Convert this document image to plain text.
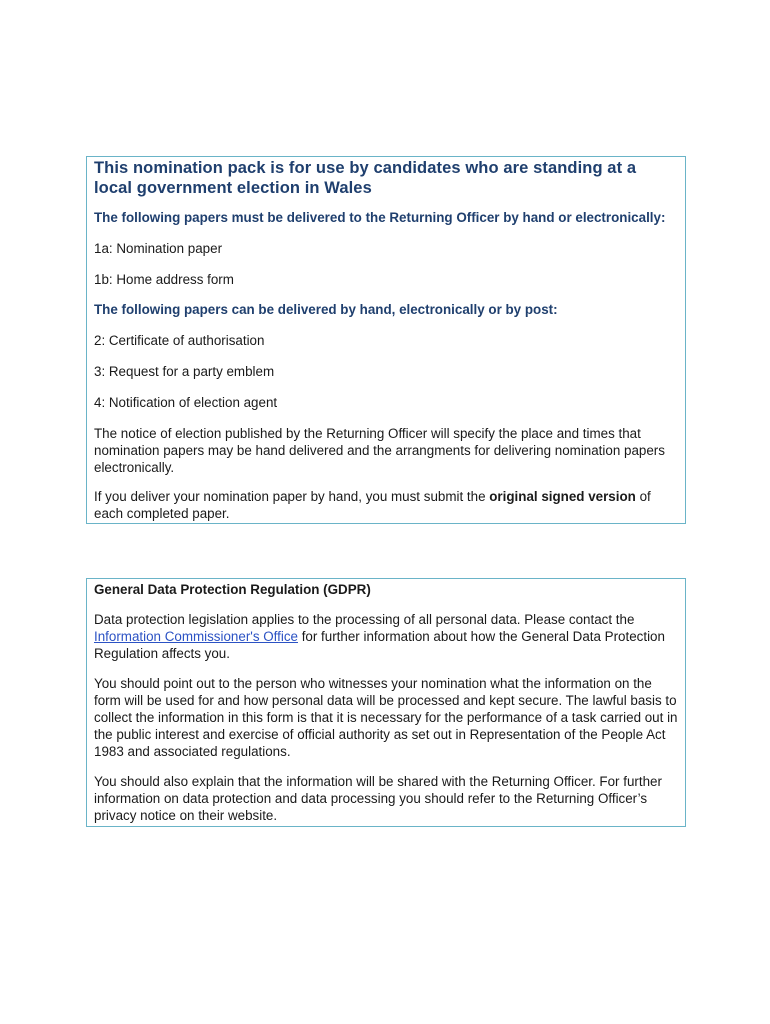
This nomination pack is for use by candidates who are standing at a local government election in Wales
The following papers must be delivered to the Returning Officer by hand or electronically:

1a: Nomination paper

1b: Home address form

The following papers can be delivered by hand, electronically or by post:

2: Certificate of authorisation

3: Request for a party emblem

4: Notification of election agent

The notice of election published by the Returning Officer will specify the place and times that nomination papers may be hand delivered and the arrangments for delivering nomination papers electronically.

If you deliver your nomination paper by hand, you must submit the original signed version of each completed paper.

General Data Protection Regulation (GDPR)

Data protection legislation applies to the processing of all personal data. Please contact the Information Commissioner's Office for further information about how the General Data Protection Regulation affects you.

You should point out to the person who witnesses your nomination what the information on the form will be used for and how personal data will be processed and kept secure. The lawful basis to collect the information in this form is that it is necessary for the performance of a task carried out in the public interest and exercise of official authority as set out in Representation of the People Act 1983 and associated regulations.

You should also explain that the information will be shared with the Returning Officer. For further information on data protection and data processing you should refer to the Returning Officer’s privacy notice on their website.
